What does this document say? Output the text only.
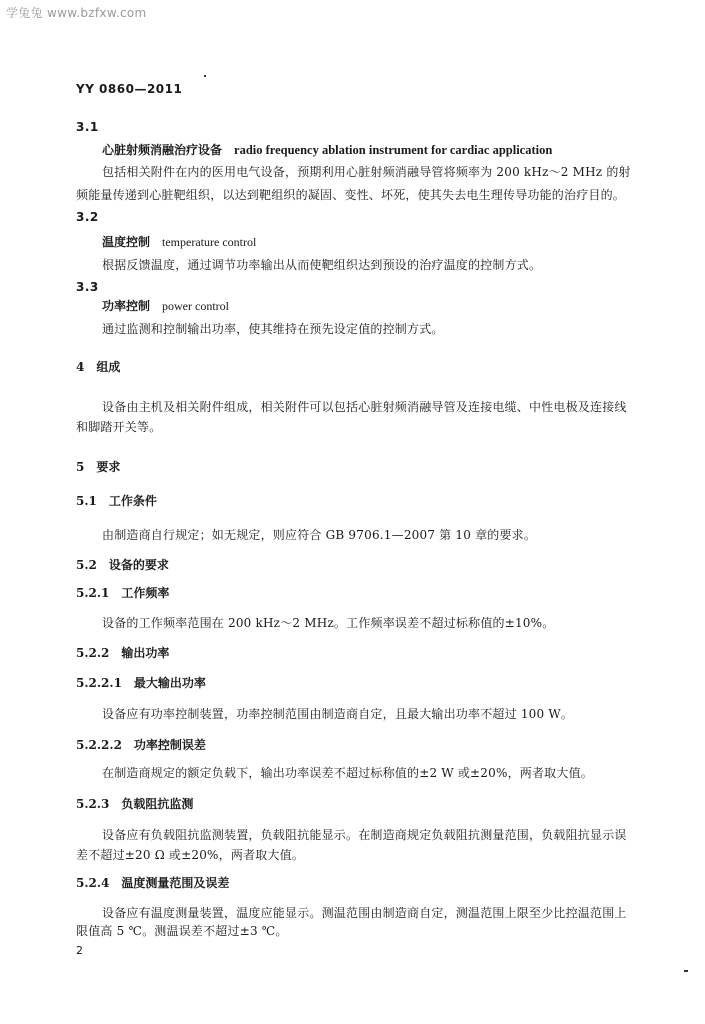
学兔兔 www.bzfxw.com
YY 0860—2011
3.1
心脏射频消融治疗设备 radio frequency ablation instrument for cardiac application
包括相关附件在内的医用电气设备，预期利用心脏射频消融导管将频率为 200 kHz～2 MHz 的射
频能量传递到心脏靶组织，以达到靶组织的凝固、变性、坏死，使其失去电生理传导功能的治疗目的。
3.2
温度控制 temperature control
根据反馈温度，通过调节功率输出从而使靶组织达到预设的治疗温度的控制方式。
3.3
功率控制 power control
通过监测和控制输出功率，使其维持在预先设定值的控制方式。
4　组成
设备由主机及相关附件组成，相关附件可以包括心脏射频消融导管及连接电缆、中性电极及连接线
和脚踏开关等。
5　要求
5.1　工作条件
由制造商自行规定；如无规定，则应符合 GB 9706.1—2007 第 10 章的要求。
5.2　设备的要求
5.2.1　工作频率
设备的工作频率范围在 200 kHz～2 MHz。工作频率误差不超过标称值的±10%。
5.2.2　输出功率
5.2.2.1　最大输出功率
设备应有功率控制装置，功率控制范围由制造商自定，且最大输出功率不超过 100 W。
5.2.2.2　功率控制误差
在制造商规定的额定负载下，输出功率误差不超过标称值的±2 W 或±20%，两者取大值。
5.2.3　负载阻抗监测
设备应有负载阻抗监测装置，负载阻抗能显示。在制造商规定负载阻抗测量范围，负载阻抗显示误
差不超过±20 Ω 或±20%，两者取大值。
5.2.4　温度测量范围及误差
设备应有温度测量装置，温度应能显示。测温范围由制造商自定，测温范围上限至少比控温范围上
限值高 5 ℃。测温误差不超过±3 ℃。
2
